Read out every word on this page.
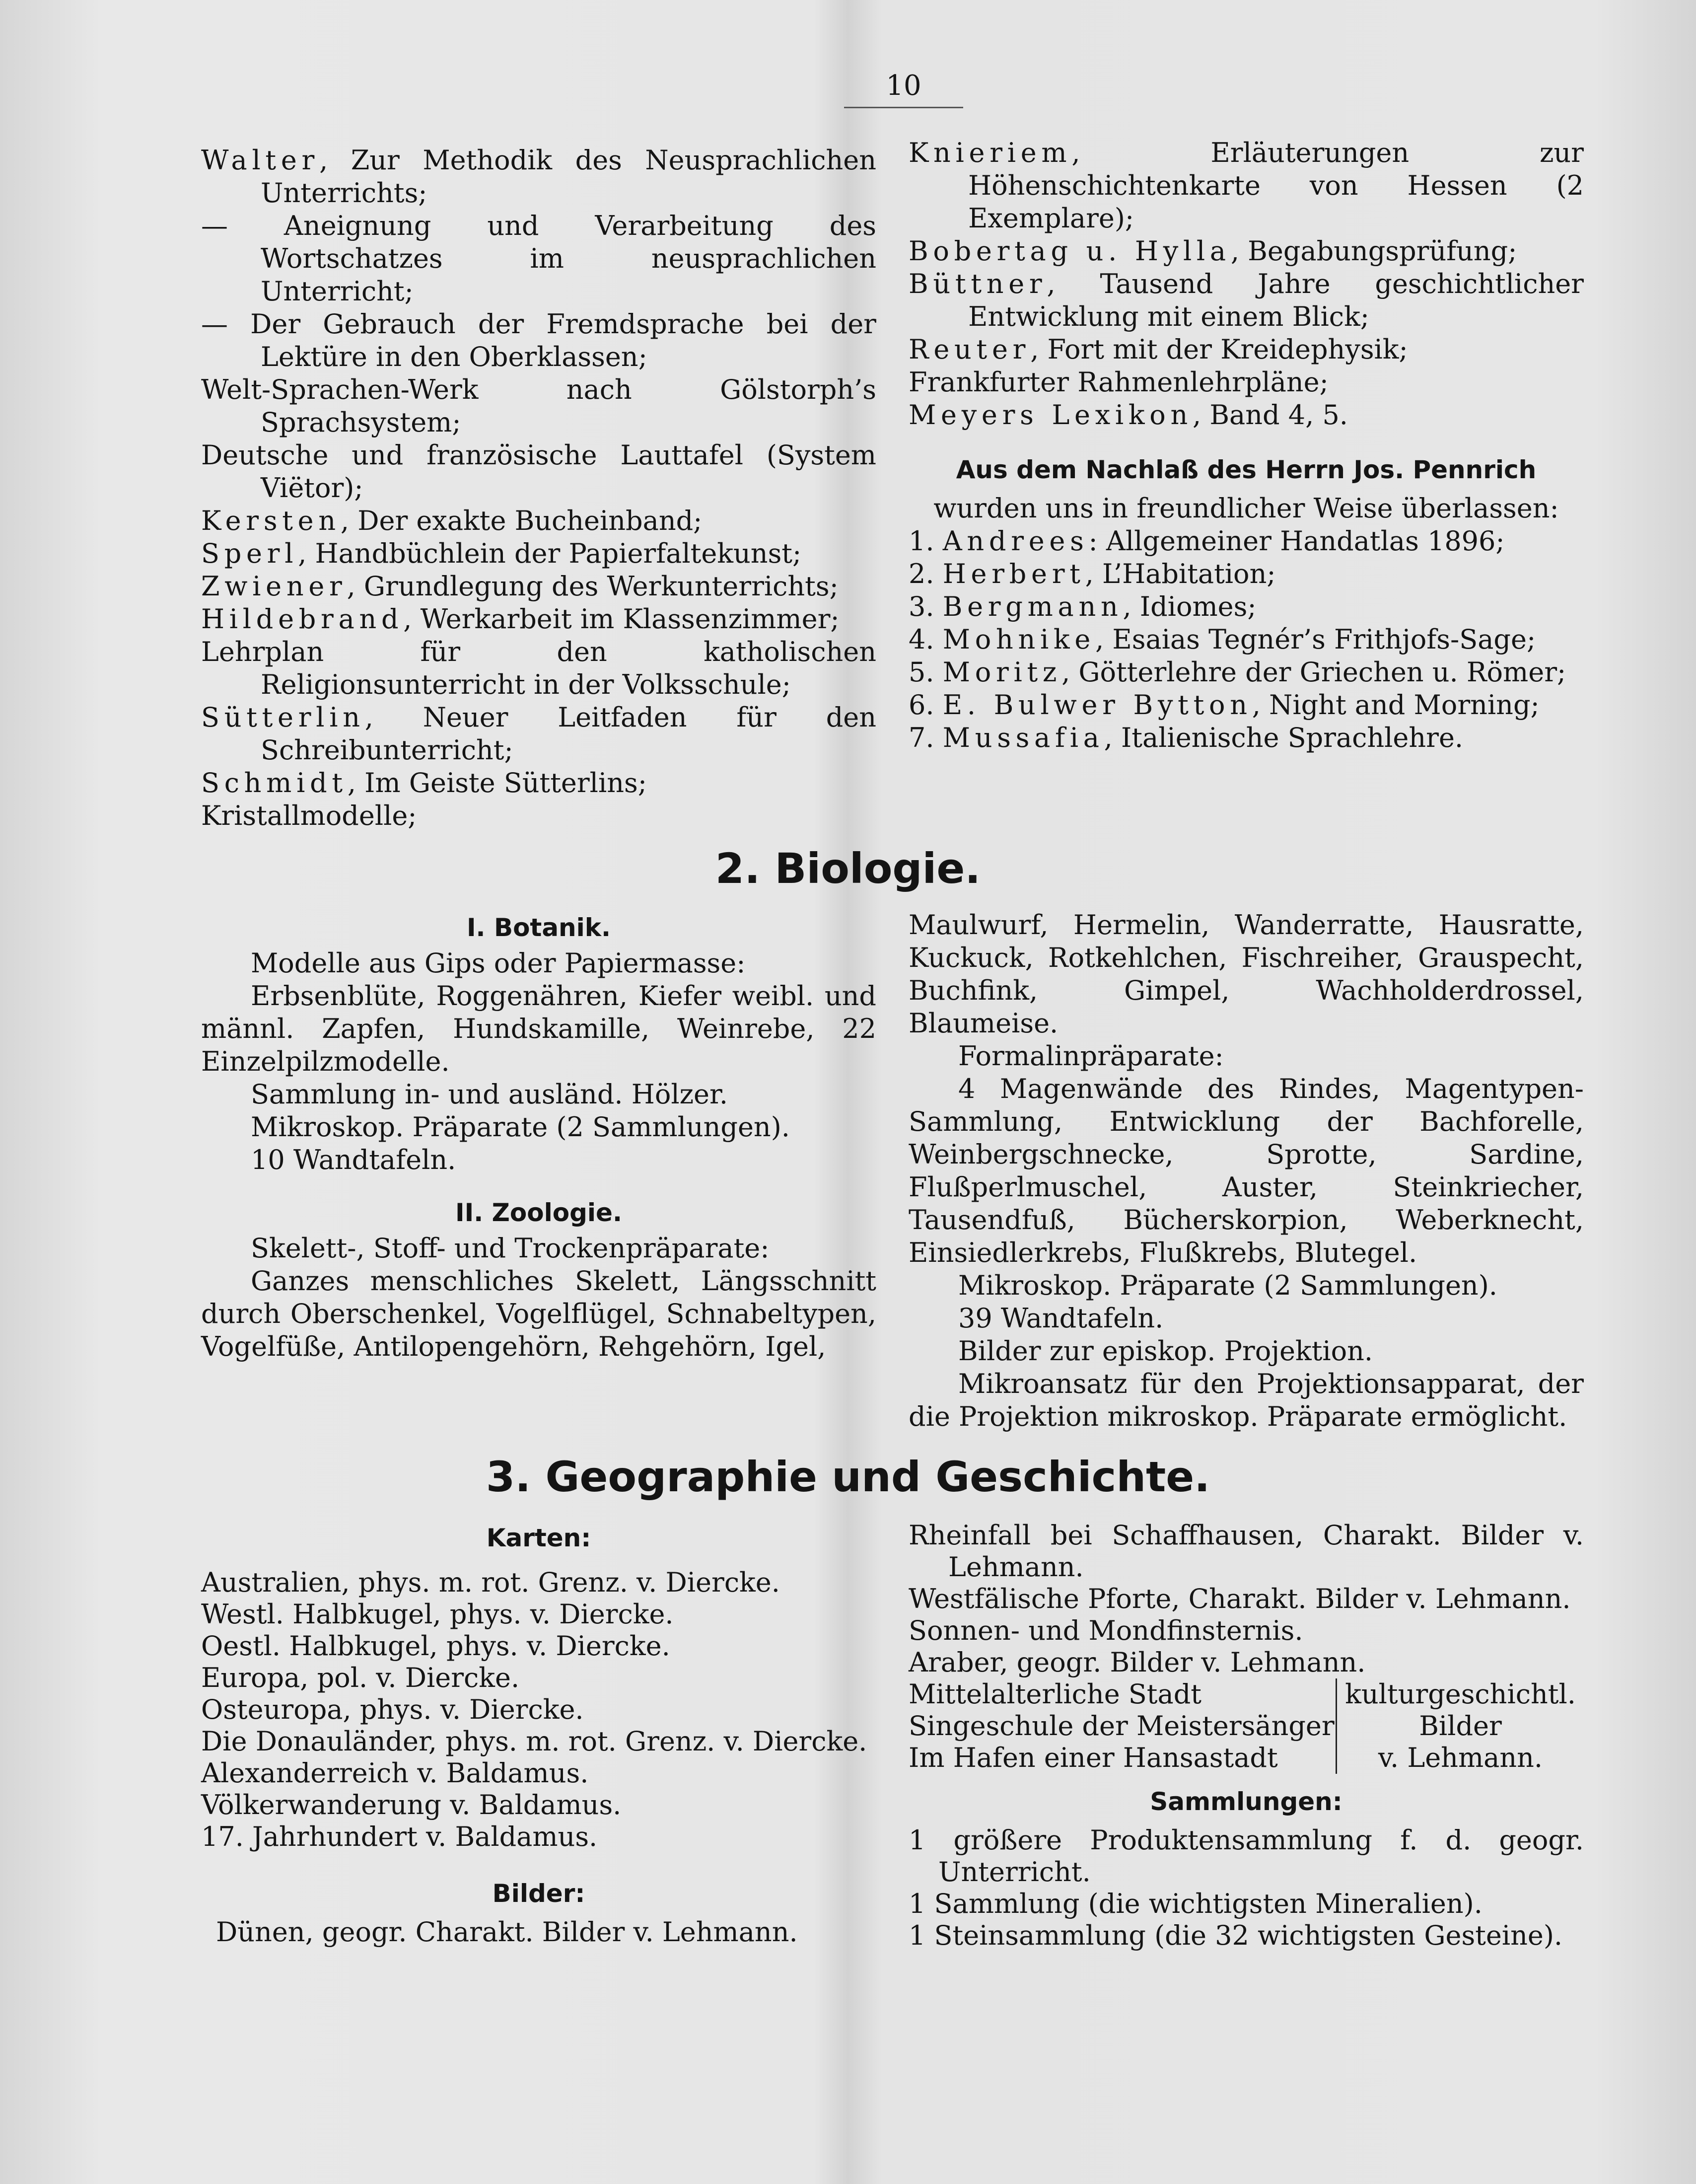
10

Walter, Zur Methodik des Neusprachlichen Unterrichts;

— Aneignung und Verarbeitung des Wortschatzes im neusprachlichen Unterricht;

— Der Gebrauch der Fremdsprache bei der Lektüre in den Oberklassen;

Welt-Sprachen-Werk nach Gölstorph’s Sprachsystem;

Deutsche und französische Lauttafel (System Viëtor);

Kersten, Der exakte Bucheinband;

Sperl, Handbüchlein der Papierfaltekunst;

Zwiener, Grundlegung des Werkunterrichts;

Hildebrand, Werkarbeit im Klassenzimmer;

Lehrplan für den katholischen Religionsunterricht in der Volksschule;

Sütterlin, Neuer Leitfaden für den Schreibunterricht;

Schmidt, Im Geiste Sütterlins;

Kristallmodelle;

Knieriem, Erläuterungen zur Höhenschichtenkarte von Hessen (2 Exemplare);

Bobertag u. Hylla, Begabungsprüfung;

Büttner, Tausend Jahre geschichtlicher Entwicklung mit einem Blick;

Reuter, Fort mit der Kreidephysik;

Frankfurter Rahmenlehrpläne;

Meyers Lexikon, Band 4, 5.

Aus dem Nachlaß des Herrn Jos. Pennrich

wurden uns in freundlicher Weise überlassen:

1. Andrees: Allgemeiner Handatlas 1896;

2. Herbert, L’Habitation;

3. Bergmann, Idiomes;

4. Mohnike, Esaias Tegnér’s Frithjofs-Sage;

5. Moritz, Götterlehre der Griechen u. Römer;

6. E. Bulwer Bytton, Night and Morning;

7. Mussafia, Italienische Sprachlehre.

2. Biologie.

I. Botanik.

Modelle aus Gips oder Papiermasse:

Erbsenblüte, Roggenähren, Kiefer weibl. und männl. Zapfen, Hundskamille, Weinrebe, 22 Einzelpilzmodelle.

Sammlung in- und ausländ. Hölzer.

Mikroskop. Präparate (2 Sammlungen).

10 Wandtafeln.

II. Zoologie.

Skelett-, Stoff- und Trockenpräparate:

Ganzes menschliches Skelett, Längsschnitt durch Oberschenkel, Vogelflügel, Schnabeltypen, Vogelfüße, Antilopengehörn, Rehgehörn, Igel,

Maulwurf, Hermelin, Wanderratte, Hausratte, Kuckuck, Rotkehlchen, Fischreiher, Grauspecht, Buchfink, Gimpel, Wachholderdrossel, Blaumeise.

Formalinpräparate:

4 Magenwände des Rindes, Magentypen-Sammlung, Entwicklung der Bachforelle, Weinbergschnecke, Sprotte, Sardine, Flußperlmuschel, Auster, Steinkriecher, Tausendfuß, Bücherskorpion, Weberknecht, Einsiedlerkrebs, Flußkrebs, Blutegel.

Mikroskop. Präparate (2 Sammlungen).

39 Wandtafeln.

Bilder zur episkop. Projektion.

Mikroansatz für den Projektionsapparat, der die Projektion mikroskop. Präparate ermöglicht.

3. Geographie und Geschichte.

Karten:

Australien, phys. m. rot. Grenz. v. Diercke.

Westl. Halbkugel, phys. v. Diercke.

Oestl. Halbkugel, phys. v. Diercke.

Europa, pol. v. Diercke.

Osteuropa, phys. v. Diercke.

Die Donauländer, phys. m. rot. Grenz. v. Diercke.

Alexanderreich v. Baldamus.

Völkerwanderung v. Baldamus.

17. Jahrhundert v. Baldamus.

Bilder:

Dünen, geogr. Charakt. Bilder v. Lehmann.

Rheinfall bei Schaffhausen, Charakt. Bilder v. Lehmann.

Westfälische Pforte, Charakt. Bilder v. Lehmann.

Sonnen- und Mondfinsternis.

Araber, geogr. Bilder v. Lehmann.

Mittelalterliche Stadt

Singeschule der Meistersänger

Im Hafen einer Hansastadt

kulturgeschichtl.

Bilder

v. Lehmann.

Sammlungen:

1 größere Produktensammlung f. d. geogr. Unterricht.

1 Sammlung (die wichtigsten Mineralien).

1 Steinsammlung (die 32 wichtigsten Gesteine).
